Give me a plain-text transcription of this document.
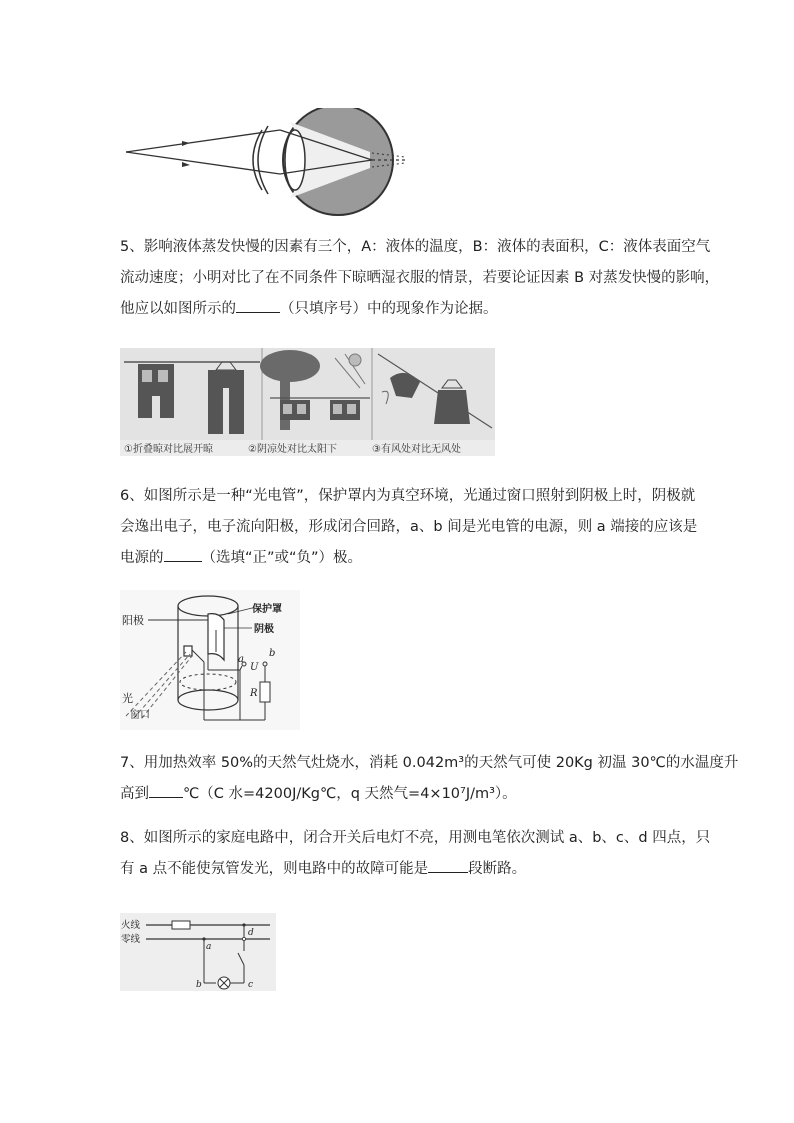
5、影响液体蒸发快慢的因素有三个，A：液体的温度，B：液体的表面积，C：液体表面空气
流动速度；小明对比了在不同条件下晾晒湿衣服的情景，若要论证因素 B 对蒸发快慢的影响，
他应以如图所示的	（只填序号）中的现象作为论据。
①折叠晾对比展开晾	②阴凉处对比太阳下	③有风处对比无风处
6、如图所示是一种“光电管”，保护罩内为真空环境，光通过窗口照射到阴极上时，阴极就
会逸出电子，电子流向阳极，形成闭合回路，a、b 间是光电管的电源，则 a 端接的应该是
电源的	（选填“正”或“负”）极。
阳极
保护罩
阴极
光
窗口
a
U
b
R
7、用加热效率 50%的天然气灶烧水，消耗 0.042m³的天然气可使 20Kg 初温 30℃的水温度升
高到 ℃（C 水=4200J/Kg℃，q 天然气=4×10⁷J/m³）。
8、如图所示的家庭电路中，闭合开关后电灯不亮，用测电笔依次测试 a、b、c、d 四点，只
有 a 点不能使氖管发光，则电路中的故障可能是	段断路。
火线
零线
a
b	c
d
